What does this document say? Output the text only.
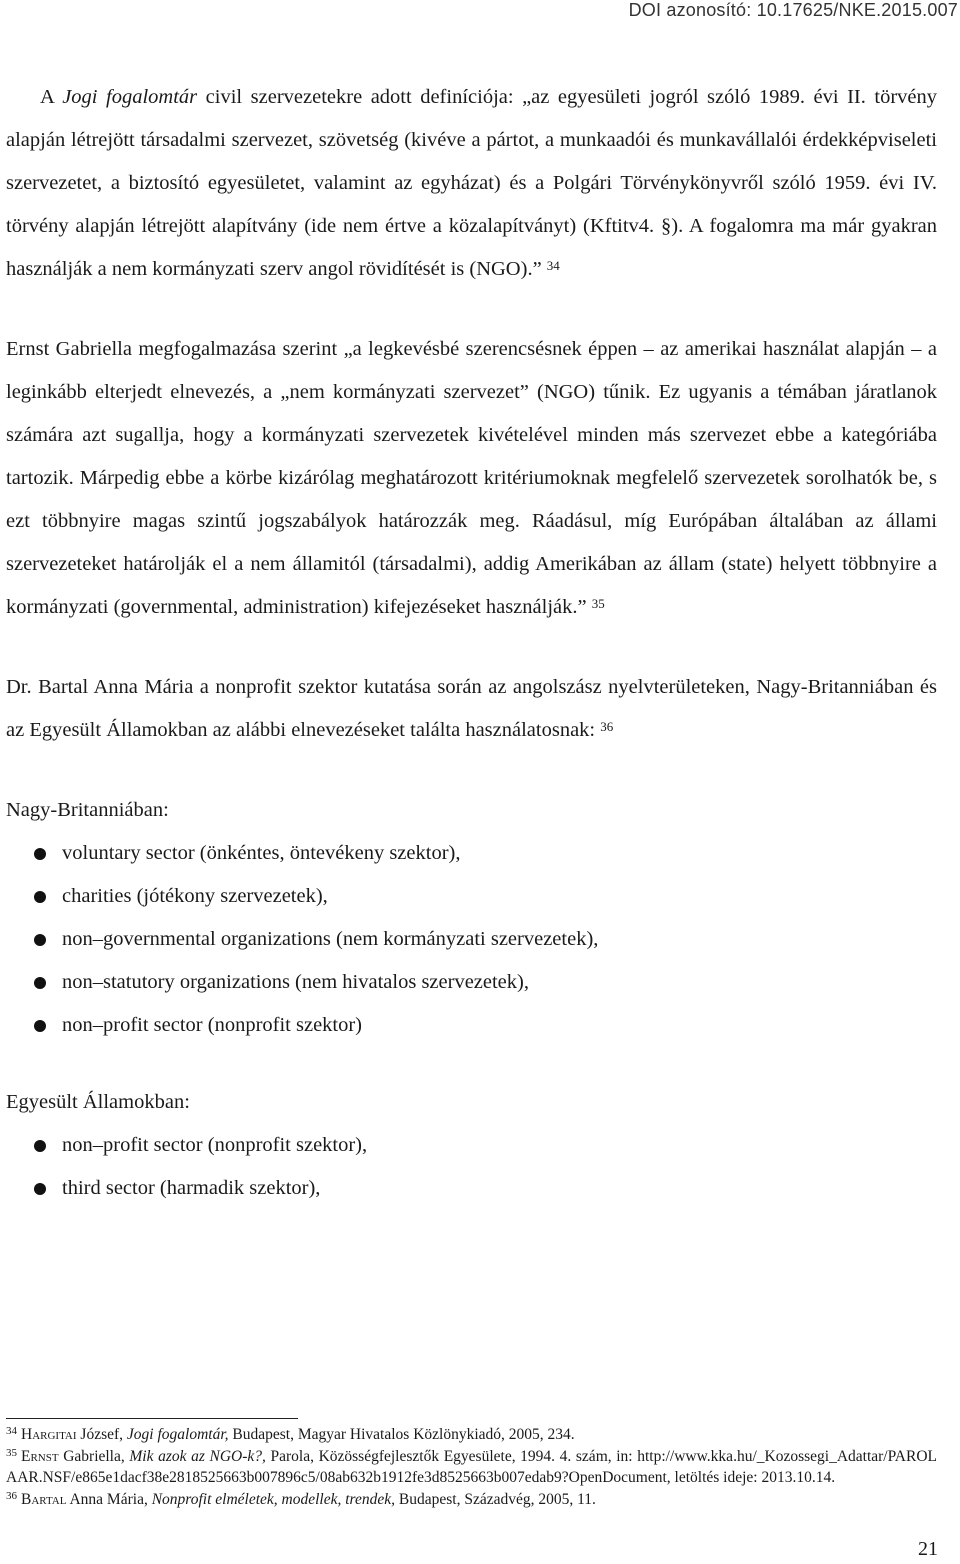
DOI azonosító: 10.17625/NKE.2015.007

A Jogi fogalomtár civil szervezetekre adott definíciója: „az egyesületi jogról szóló 1989. évi II. törvény alapján létrejött társadalmi szervezet, szövetség (kivéve a pártot, a munkaadói és munkavállalói érdekképviseleti szervezetet, a biztosító egyesületet, valamint az egyházat) és a Polgári Törvénykönyvről szóló 1959. évi IV. törvény alapján létrejött alapítvány (ide nem értve a közalapítványt) (Kftitv4. §). A fogalomra ma már gyakran használják a nem kormányzati szerv angol rövidítését is (NGO).” $^{34}$

Ernst Gabriella megfogalmazása szerint „a legkevésbé szerencsésnek éppen – az amerikai használat alapján – a leginkább elterjedt elnevezés, a „nem kormányzati szervezet” (NGO) tűnik. Ez ugyanis a témában járatlanok számára azt sugallja, hogy a kormányzati szervezetek kivételével minden más szervezet ebbe a kategóriába tartozik. Márpedig ebbe a körbe kizárólag meghatározott kritériumoknak megfelelő szervezetek sorolhatók be, s ezt többnyire magas szintű jogszabályok határozzák meg. Ráadásul, míg Európában általában az állami szervezeteket határolják el a nem államitól (társadalmi), addig Amerikában az állam (state) helyett többnyire a kormányzati (governmental, administration) kifejezéseket használják.” $^{35}$

Dr. Bartal Anna Mária a nonprofit szektor kutatása során az angolszász nyelvterületeken, Nagy-Britanniában és az Egyesült Államokban az alábbi elnevezéseket találta használatosnak: $^{36}$

Nagy-Britanniában:

voluntary sector (önkéntes, öntevékeny szektor),
charities (jótékony szervezetek),
non–governmental organizations (nem kormányzati szervezetek),
non–statutory organizations (nem hivatalos szervezetek),
non–profit sector (nonprofit szektor)

Egyesült Államokban:

non–profit sector (nonprofit szektor),
third sector (harmadik szektor),

$^{34}$ Hargitai József, Jogi fogalomtár, Budapest, Magyar Hivatalos Közlönykiadó, 2005, 234.

$^{35}$ Ernst Gabriella, Mik azok az NGO-k?, Parola, Közösségfejlesztők Egyesülete, 1994. 4. szám, in: http://www.kka.hu/_Kozossegi_Adattar/PAROLAAR.NSF/e865e1dacf38e2818525663b007896c5/08ab632b1912fe3d8525663b007edab9?OpenDocument, letöltés ideje: 2013.10.14.

$^{36}$ Bartal Anna Mária, Nonprofit elméletek, modellek, trendek, Budapest, Századvég, 2005, 11.

21
